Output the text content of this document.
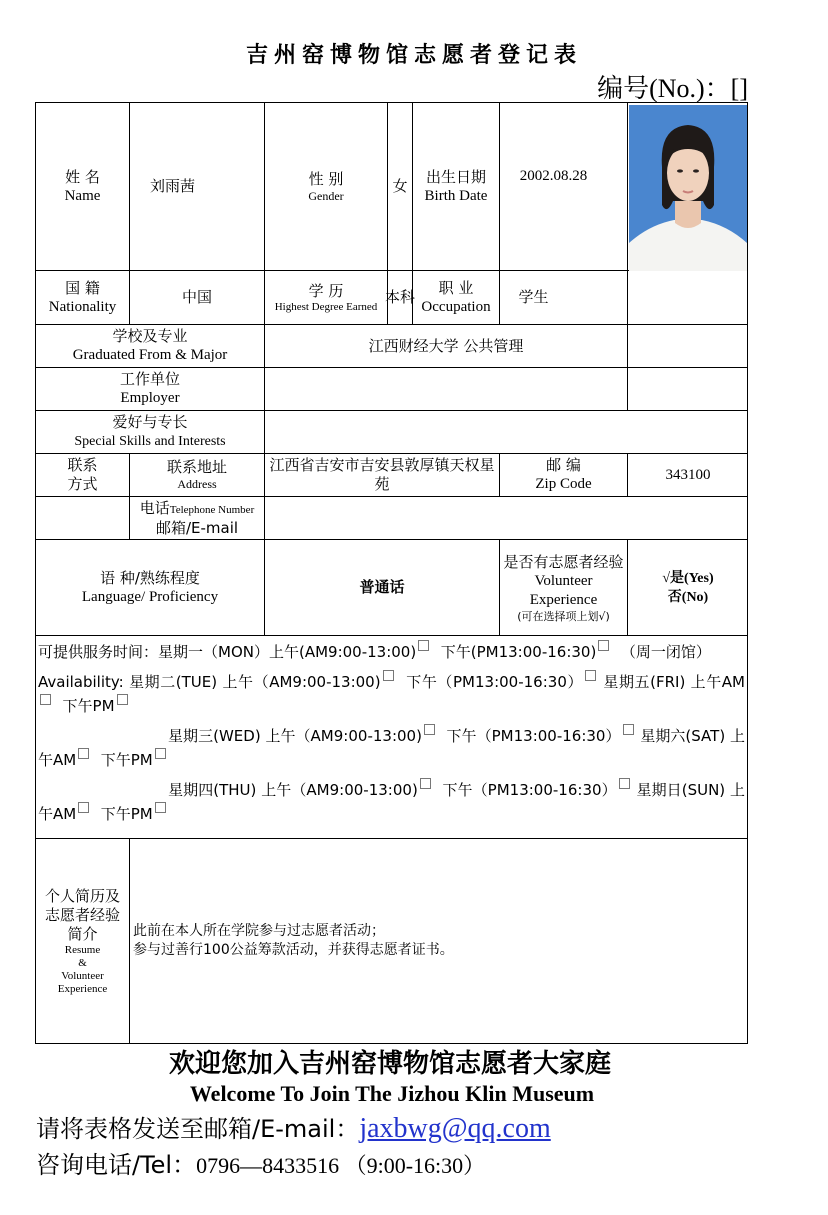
吉州窑博物馆志愿者登记表
编号(No.)：[]
姓 名
Name
刘雨茜	性 别
Gender
女
出生日期
Birth Date
2002.08.28
国 籍
Nationality
中国	学 历
Highest Degree Earned
本科
职 业
Occupation
学生
学校及专业
Graduated From & Major
江西财经大学 公共管理
工作单位
Employer
爱好与专长
Special Skills and Interests
联系方式
联系地址
Address
江西省吉安市吉安县敦厚镇天权星苑
邮 编
Zip Code
343100
电话Telephone Number
邮箱/E-mail
语 种/熟练程度
Language/ Proficiency
普通话
是否有志愿者经验
Volunteer Experience
(可在选择项上划√)
√是(Yes)
否(No)

可提供服务时间：星期一（MON）上午(AM9:00-13:00) 下午(PM13:00-16:30) （周一闭馆）

Availability: 星期二(TUE) 上午（AM9:00-13:00) 下午（PM13:00-16:30） 星期五(FRI) 上午AM  下午PM

星期三(WED) 上午（AM9:00-13:00) 下午（PM13:00-16:30） 星期六(SAT) 上午AM 下午PM

星期四(THU) 上午（AM9:00-13:00) 下午（PM13:00-16:30） 星期日(SUN) 上午AM 下午PM

个人简历及志愿者经验简介
Resume
&
Volunteer
Experience
此前在本人所在学院参与过志愿者活动；
参与过善行100公益筹款活动，并获得志愿者证书。
欢迎您加入吉州窑博物馆志愿者大家庭
Welcome To Join The Jizhou Klin Museum
请将表格发送至邮箱/E-mail：jaxbwg@qq.com
咨询电话/Tel：0796—8433516 （9:00-16:30）
